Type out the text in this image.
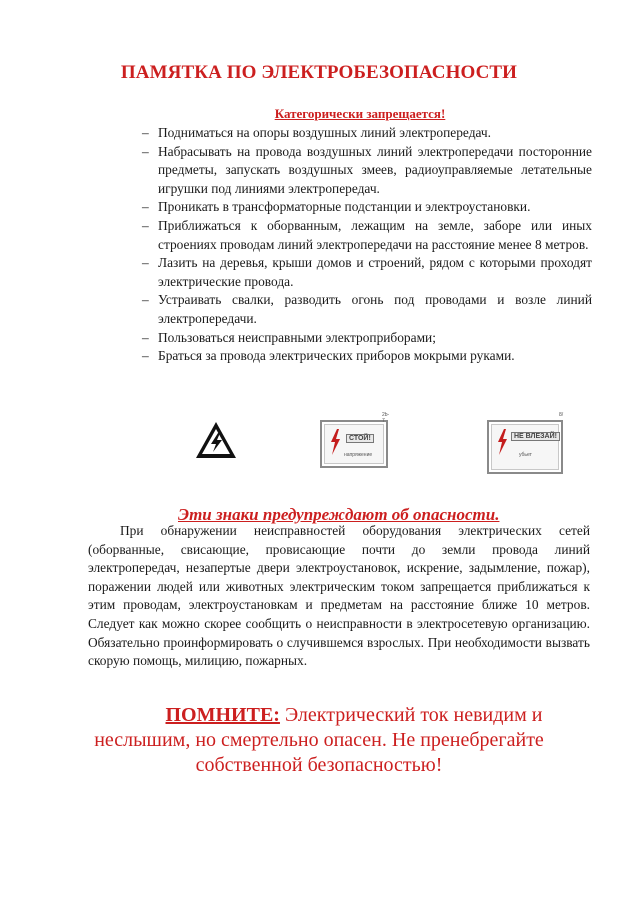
ПАМЯТКА ПО ЭЛЕКТРОБЕЗОПАСНОСТИ
Категорически запрещается!
– Подниматься на опоры воздушных линий электропередач.
– Набрасывать на провода воздушных линий электропередачи посторонние предметы, запускать воздушных змеев, радиоуправляемые летательные игрушки под линиями электропередач.
– Проникать в трансформаторные подстанции и электроустановки.
– Приближаться к оборванным, лежащим на земле, заборе или иных строениях проводам линий электропередачи на расстояние менее 8 метров.
– Лазить на деревья, крыши домов и строений, рядом с которыми проходят электрические провода.
– Устраивать свалки, разводить огонь под проводами и возле линий электропередачи.
– Пользоваться неисправными электроприборами;
– Браться за провода электрических приборов мокрыми руками.
СТОЙ!
напряжение
2b-7
НЕ ВЛЕЗАЙ!
убьет
8/
Эти знаки предупреждают об опасности.

При обнаружении неисправностей оборудования электрических сетей (оборванные, свисающие, провисающие почти до земли провода линий электропередач, незапертые двери электроустановок, искрение, задымление, пожар), поражении людей или животных электрическим током запрещается приближаться к этим проводам, электроустановкам и предметам на расстояние ближе 10 метров. Следует как можно скорее сообщить о неисправности в электросетевую организацию. Обязательно проинформировать о случившемся взрослых. При необходимости вызвать скорую помощь, милицию, пожарных.

ПОМНИТЕ: Электрический ток невидим и
неслышим, но смертельно опасен. Не пренебрегайте
собственной безопасностью!
